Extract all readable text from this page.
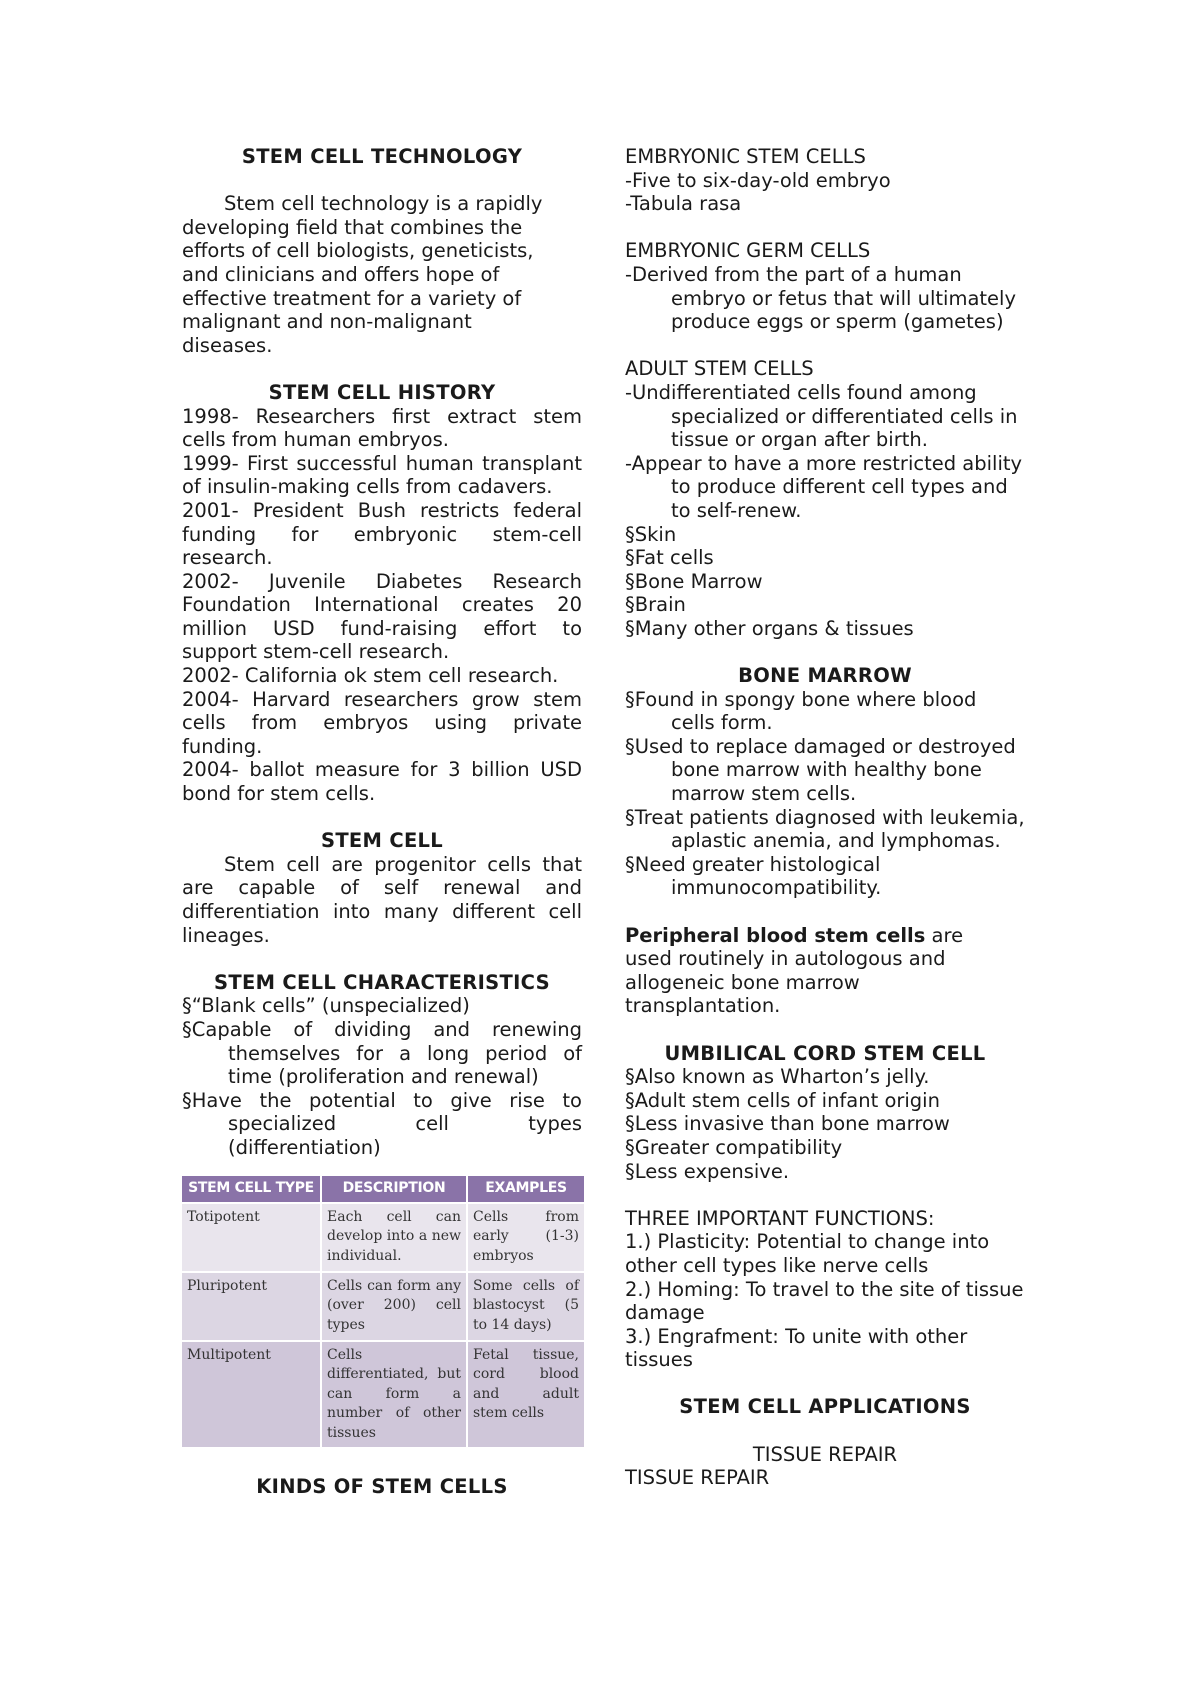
STEM CELL TECHNOLOGY

Stem cell technology is a rapidly developing field that combines the efforts of cell biologists, geneticists, and clinicians and offers hope of effective treatment for a variety of malignant and non-malignant diseases.

STEM CELL HISTORY

1998- Researchers first extract stem cells from human embryos.

1999- First successful human transplant of insulin-making cells from cadavers.

2001- President Bush restricts federal funding for embryonic stem-cell research.

2002- Juvenile Diabetes Research Foundation International creates 20 million USD fund-raising effort to support stem-cell research.

2002- California ok stem cell research.

2004- Harvard researchers grow stem cells from embryos using private funding.

2004- ballot measure for 3 billion USD bond for stem cells.

STEM CELL

Stem cell are progenitor cells that are capable of self renewal and differentiation into many different cell lineages.

STEM CELL CHARACTERISTICS

§“Blank cells” (unspecialized)

§Capable of dividing and renewing themselves for a long period of time (proliferation and renewal)

§Have the potential to give rise to specialized cell types (differentiation)

STEM CELL TYPE	DESCRIPTION	EXAMPLES
Totipotent	Each cell can develop into a new individual.	Cells from early (1-3) embryos
Pluripotent	Cells can form any (over 200) cell types	Some cells of blastocyst (5 to 14 days)
Multipotent	Cells differentiated, but can form a number of other tissues	Fetal tissue, cord blood and adult stem cells

KINDS OF STEM CELLS

EMBRYONIC STEM CELLS

-Five to six-day-old embryo

-Tabula rasa

EMBRYONIC GERM CELLS

-Derived from the part of a human embryo or fetus that will ultimately produce eggs or sperm (gametes)

ADULT STEM CELLS

-Undifferentiated cells found among specialized or differentiated cells in tissue or organ after birth.

-Appear to have a more restricted ability to produce different cell types and to self-renew.

§Skin

§Fat cells

§Bone Marrow

§Brain

§Many other organs & tissues

BONE MARROW

§Found in spongy bone where blood cells form.

§Used to replace damaged or destroyed bone marrow with healthy bone marrow stem cells.

§Treat patients diagnosed with leukemia, aplastic anemia, and lymphomas.

§Need greater histological immunocompatibility.

Peripheral blood stem cells are used routinely in autologous and allogeneic bone marrow transplantation.

UMBILICAL CORD STEM CELL

§Also known as Wharton’s jelly.

§Adult stem cells of infant origin

§Less invasive than bone marrow

§Greater compatibility

§Less expensive.

THREE IMPORTANT FUNCTIONS:

1.) Plasticity: Potential to change into other cell types like nerve cells

2.) Homing: To travel to the site of tissue damage

3.) Engrafment: To unite with other tissues

STEM CELL APPLICATIONS

TISSUE REPAIR

TISSUE REPAIR
